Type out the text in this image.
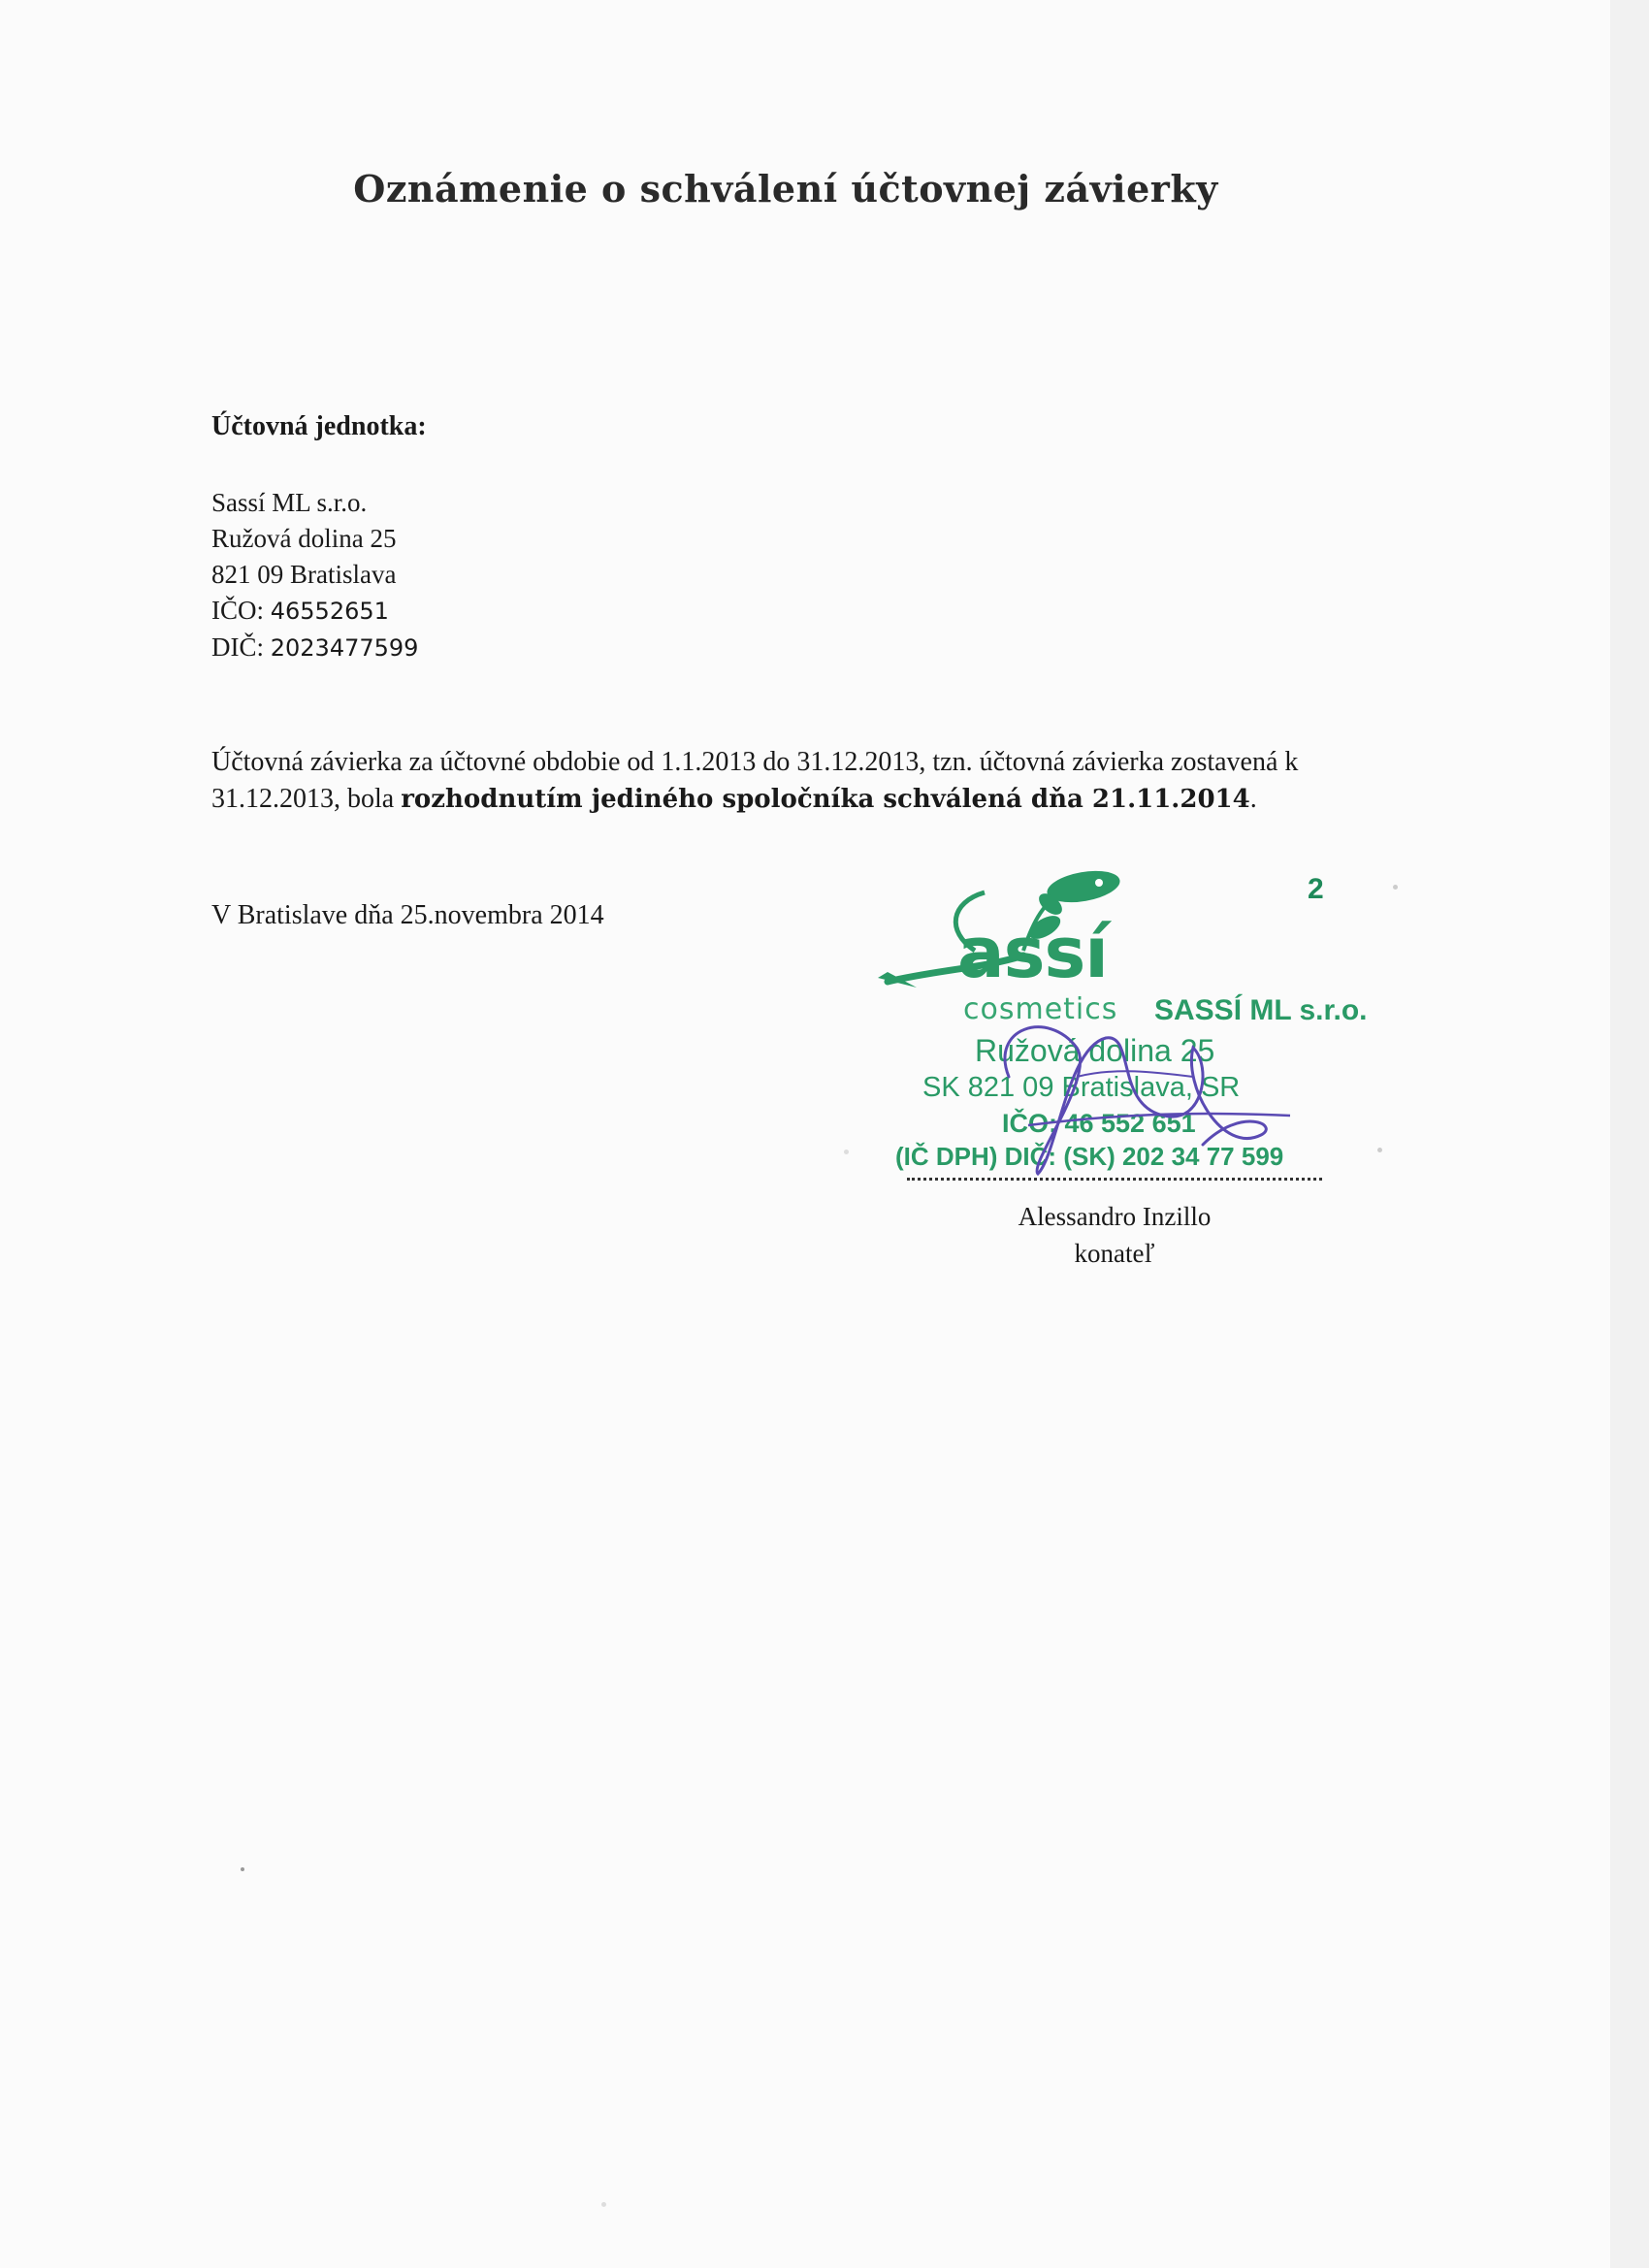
Oznámenie o schválení účtovnej závierky
Účtovná jednotka:
Sassí ML s.r.o.
Ružová dolina 25
821 09 Bratislava
IČO: 46552651
DIČ: 2023477599
Účtovná závierka za účtovné obdobie od 1.1.2013 do 31.12.2013, tzn. účtovná závierka zostavená k 31.12.2013, bola rozhodnutím jediného spoločníka schválená dňa 21.11.2014.
V Bratislave dňa 25.novembra 2014
2
assí
cosmetics SASSÍ ML s.r.o.
Ružová dolina 25
SK 821 09 Bratislava, SR
IČO: 46 552 651
(IČ DPH) DIČ: (SK) 202 34 77 599
Alessandro Inzillo
konateľ
